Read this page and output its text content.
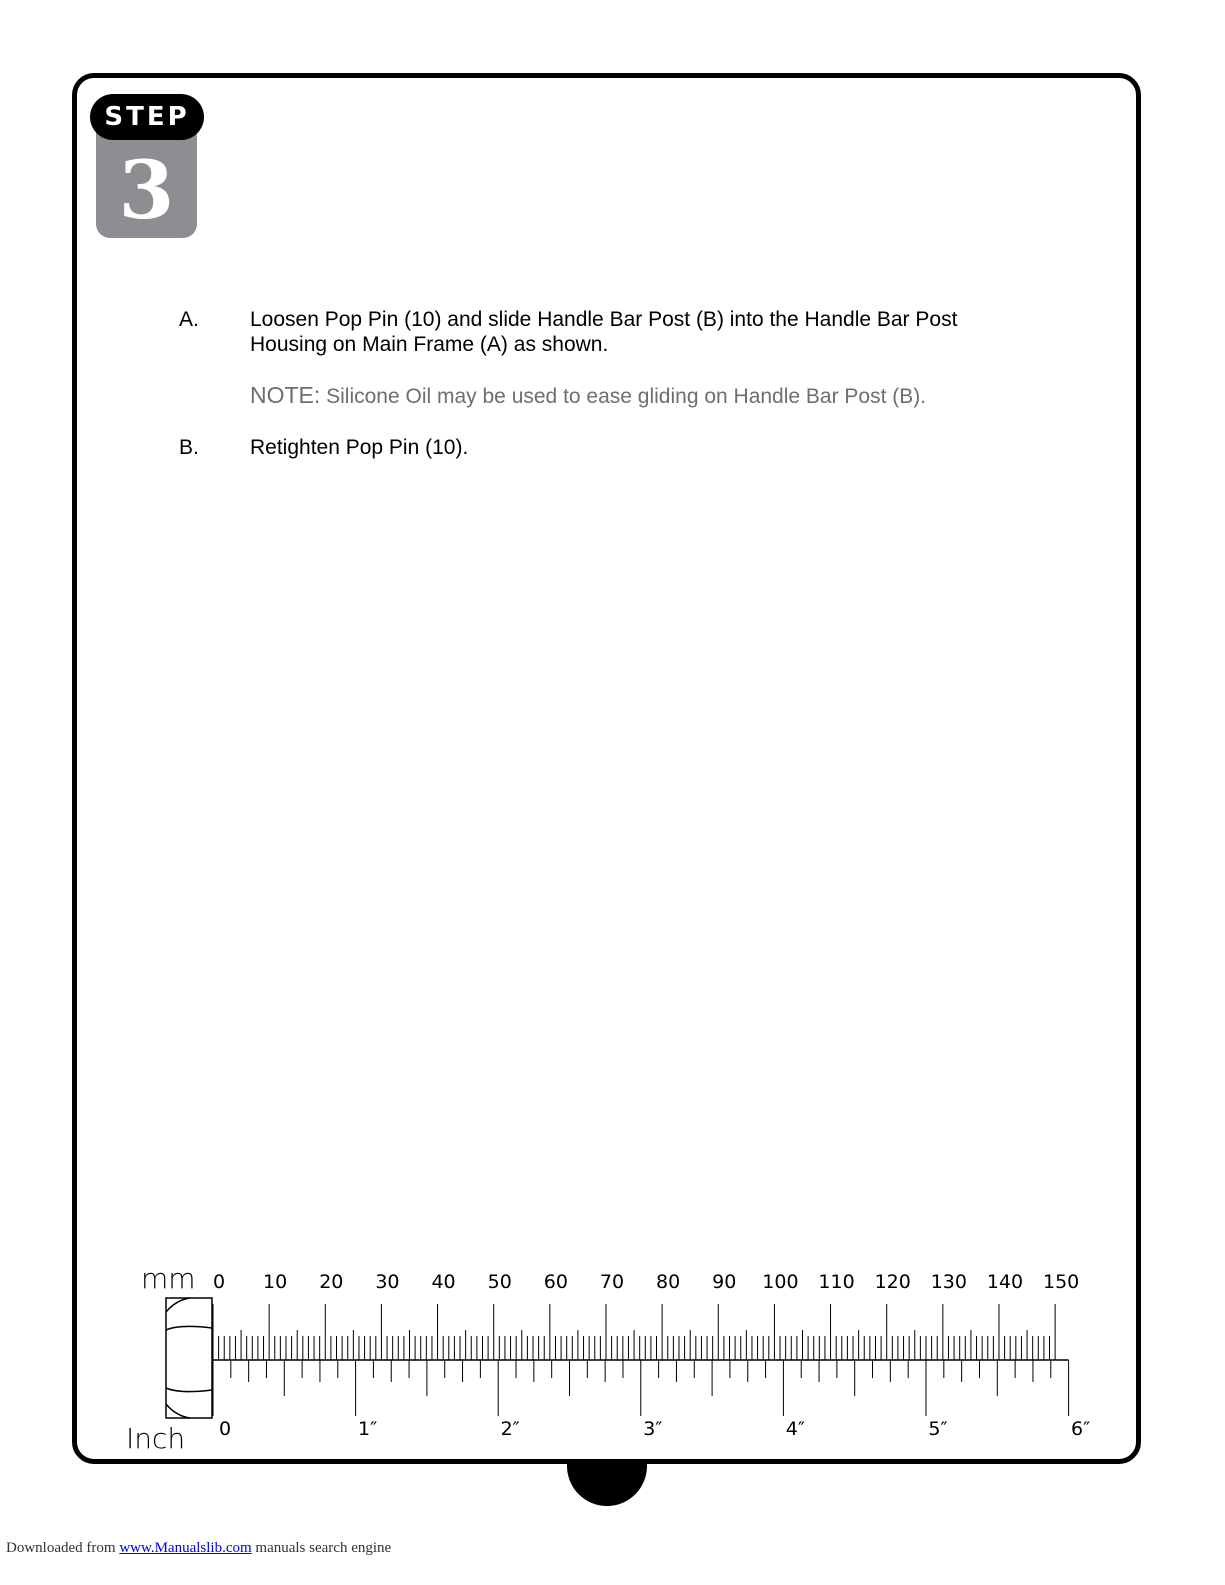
3
STEP
A. Loosen Pop Pin (10) and slide Handle Bar Post (B) into the Handle Bar Post Housing on Main Frame (A) as shown.
NOTE: Silicone Oil may be used to ease gliding on Handle Bar Post (B).
B. Retighten Pop Pin (10).
mm
Inch
0 10 20 30 40 50 60 70 80 90 100 110 120 130 140 150
0	1″	2″	3″	4″	5″	6″
Downloaded from www.Manualslib.com manuals search engine
